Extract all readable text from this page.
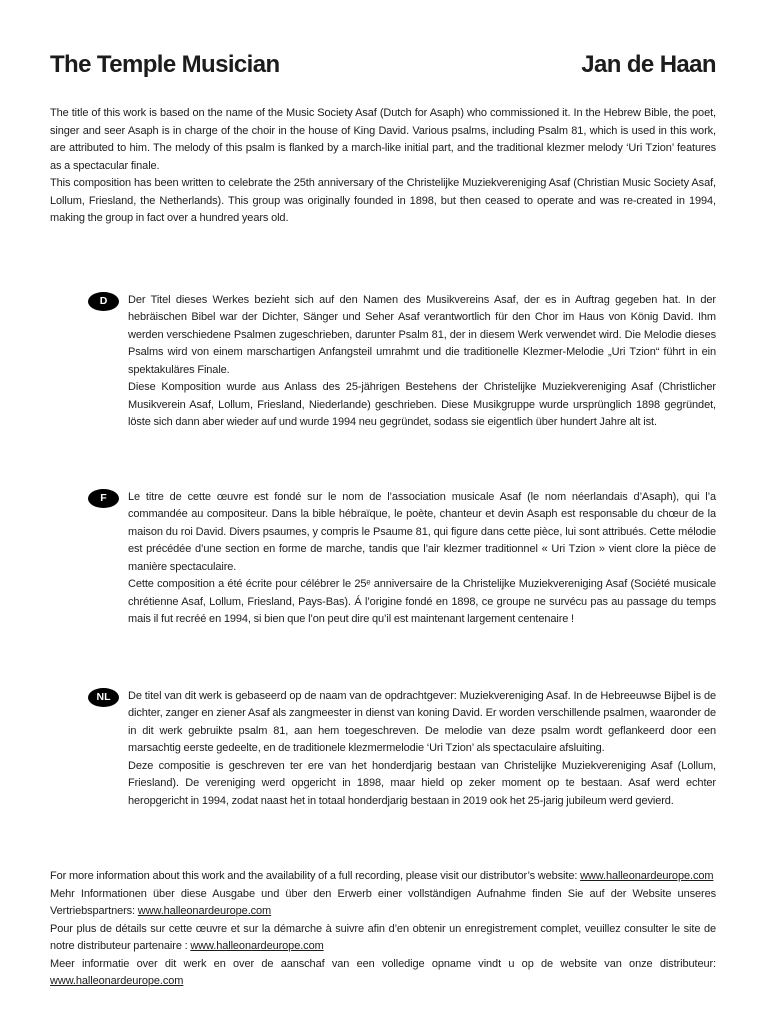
The Temple Musician	Jan de Haan

The title of this work is based on the name of the Music Society Asaf (Dutch for Asaph) who commissioned it. In the Hebrew Bible, the poet, singer and seer Asaph is in charge of the choir in the house of King David. Various psalms, including Psalm 81, which is used in this work, are attributed to him. The melody of this psalm is flanked by a march-like initial part, and the traditional klezmer melody ‘Uri Tzion’ features as a spectacular finale.

This composition has been written to celebrate the 25th anniversary of the Christelijke Muziekvereniging Asaf (Christian Music Society Asaf, Lollum, Friesland, the Netherlands). This group was originally founded in 1898, but then ceased to operate and was re-created in 1994, making the group in fact over a hundred years old.

D	Der Titel dieses Werkes bezieht sich auf den Namen des Musikvereins Asaf, der es in Auftrag gegeben hat. In der hebräischen Bibel war der Dichter, Sänger und Seher Asaf verantwortlich für den Chor im Haus von König David. Ihm werden verschiedene Psalmen zugeschrieben, darunter Psalm 81, der in diesem Werk verwendet wird. Die Melodie dieses Psalms wird von einem marschartigen Anfangsteil umrahmt und die traditionelle Klezmer-Melodie „Uri Tzion“ führt in ein spektakuläres Finale.

Diese Komposition wurde aus Anlass des 25-jährigen Bestehens der Christelijke Muziekvereniging Asaf (Christlicher Musikverein Asaf, Lollum, Friesland, Niederlande) geschrieben. Diese Musikgruppe wurde ursprünglich 1898 gegründet, löste sich dann aber wieder auf und wurde 1994 neu gegründet, sodass sie eigentlich über hundert Jahre alt ist.

F	Le titre de cette œuvre est fondé sur le nom de l’association musicale Asaf (le nom néerlandais d’Asaph), qui l’a commandée au compositeur. Dans la bible hébraïque, le poète, chanteur et devin Asaph est responsable du chœur de la maison du roi David. Divers psaumes, y compris le Psaume 81, qui figure dans cette pièce, lui sont attribués. Cette mélodie est précédée d’une section en forme de marche, tandis que l’air klezmer traditionnel « Uri Tzion » vient clore la pièce de manière spectaculaire.

Cette composition a été écrite pour célébrer le 25ᵉ anniversaire de la Christelijke Muziekvereniging Asaf (Société musicale chrétienne Asaf, Lollum, Friesland, Pays-Bas). Á l’origine fondé en 1898, ce groupe ne survécu pas au passage du temps mais il fut recréé en 1994, si bien que l’on peut dire qu’il est maintenant largement centenaire !

NL	De titel van dit werk is gebaseerd op de naam van de opdrachtgever: Muziekvereniging Asaf. In de Hebreeuwse Bijbel is de dichter, zanger en ziener Asaf als zangmeester in dienst van koning David. Er worden verschillende psalmen, waaronder de in dit werk gebruikte psalm 81, aan hem toegeschreven. De melodie van deze psalm wordt geflankeerd door een marsachtig eerste gedeelte, en de traditionele klezmermelodie ‘Uri Tzion’ als spectaculaire afsluiting.

Deze compositie is geschreven ter ere van het honderdjarig bestaan van Christelijke Muziekvereniging Asaf (Lollum, Friesland). De vereniging werd opgericht in 1898, maar hield op zeker moment op te bestaan. Asaf werd echter heropgericht in 1994, zodat naast het in totaal honderdjarig bestaan in 2019 ook het 25-jarig jubileum werd gevierd.

For more information about this work and the availability of a full recording, please visit our distributor’s website: www.halleonardeurope.com

Mehr Informationen über diese Ausgabe und über den Erwerb einer vollständigen Aufnahme finden Sie auf der Website unseres Vertriebspartners: www.halleonardeurope.com

Pour plus de détails sur cette œuvre et sur la démarche à suivre afin d’en obtenir un enregistrement complet, veuillez consulter le site de notre distributeur partenaire : www.halleonardeurope.com

Meer informatie over dit werk en over de aanschaf van een volledige opname vindt u op de website van onze distributeur: www.halleonardeurope.com
